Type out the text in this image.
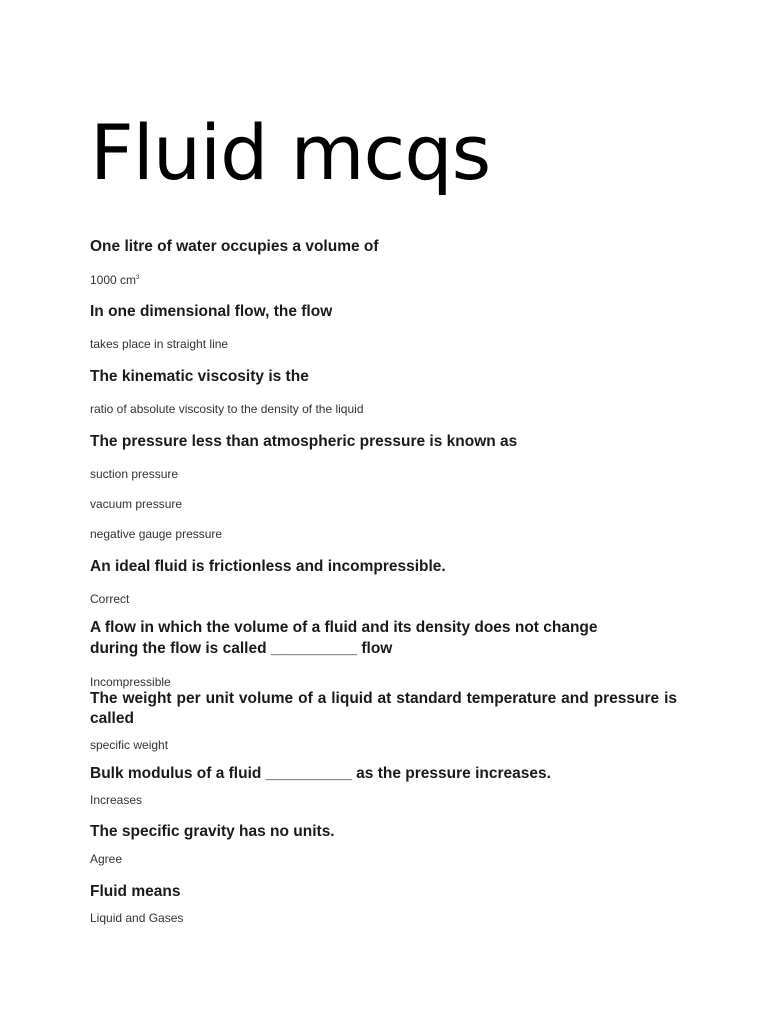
Fluid mcqs
One litre of water occupies a volume of
1000 $cm^3$
In one dimensional flow, the flow
takes place in straight line
The kinematic viscosity is the
ratio of absolute viscosity to the density of the liquid
The pressure less than atmospheric pressure is known as
suction pressure
vacuum pressure
negative gauge pressure
An ideal fluid is frictionless and incompressible.
Correct
A flow in which the volume of a fluid and its density does not change during the flow is called __________ flow
Incompressible
The weight per unit volume of a liquid at standard temperature and pressure is called
specific weight
Bulk modulus of a fluid __________ as the pressure increases.
Increases
The specific gravity has no units.
Agree
Fluid means
Liquid and Gases
